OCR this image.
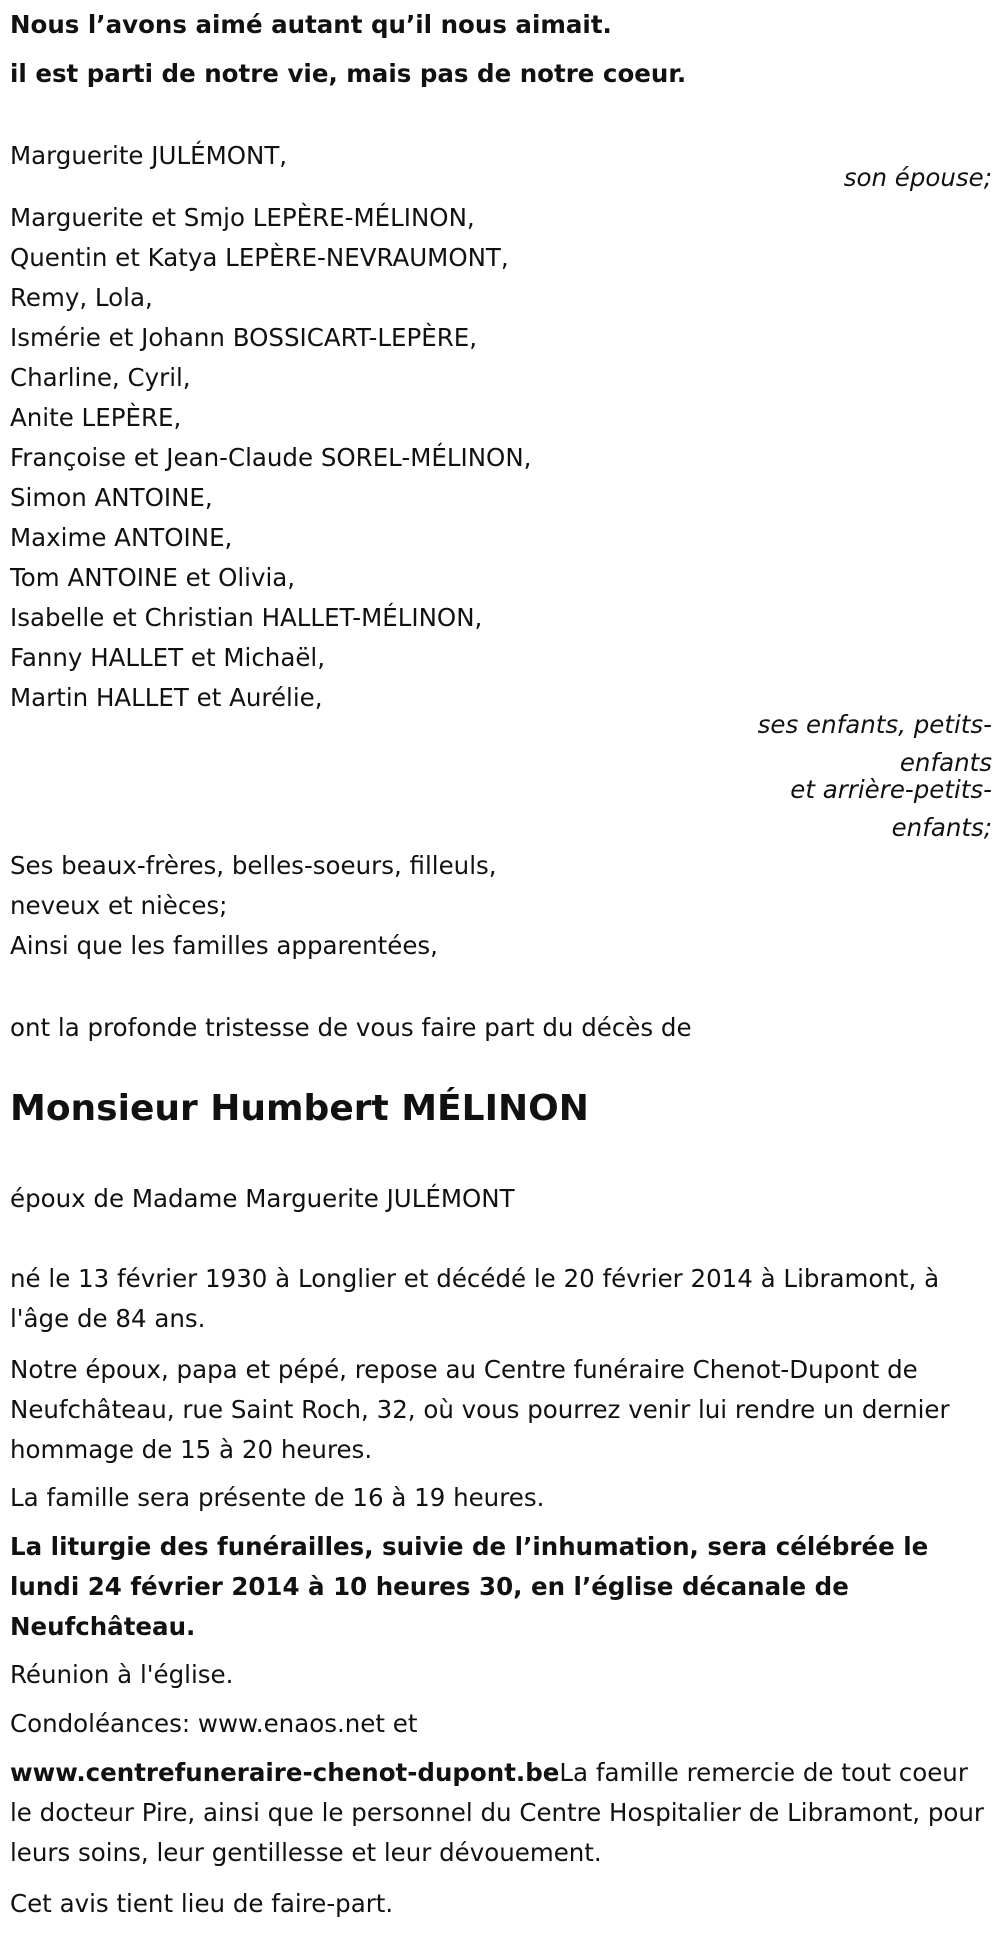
Nous l’avons aimé autant qu’il nous aimait.
il est parti de notre vie, mais pas de notre coeur.
Marguerite JULÉMONT,
son épouse;
Marguerite et Smjo LEPÈRE-MÉLINON,
Quentin et Katya LEPÈRE-NEVRAUMONT,
Remy, Lola,
Ismérie et Johann BOSSICART-LEPÈRE,
Charline, Cyril,
Anite LEPÈRE,
Françoise et Jean-Claude SOREL-MÉLINON,
Simon ANTOINE,
Maxime ANTOINE,
Tom ANTOINE et Olivia,
Isabelle et Christian HALLET-MÉLINON,
Fanny HALLET et Michaël,
Martin HALLET et Aurélie,
ses enfants, petits-
enfants
et arrière-petits-
enfants;
Ses beaux-frères, belles-soeurs, filleuls,
neveux et nièces;
Ainsi que les familles apparentées,
ont la profonde tristesse de vous faire part du décès de
Monsieur Humbert MÉLINON
époux de Madame Marguerite JULÉMONT
né le 13 février 1930 à Longlier et décédé le 20 février 2014 à Libramont, à l'âge de 84 ans.
Notre époux, papa et pépé, repose au Centre funéraire Chenot-Dupont de Neufchâteau, rue Saint Roch, 32, où vous pourrez venir lui rendre un dernier hommage de 15 à 20 heures.
La famille sera présente de 16 à 19 heures.
La liturgie des funérailles, suivie de l’inhumation, sera célébrée le lundi 24 février 2014 à 10 heures 30, en l’église décanale de Neufchâteau.
Réunion à l'église.
Condoléances: www.enaos.net et
www.centrefuneraire-chenot-dupont.beLa famille remercie de tout coeur le docteur Pire, ainsi que le personnel du Centre Hospitalier de Libramont, pour leurs soins, leur gentillesse et leur dévouement.
Cet avis tient lieu de faire-part.
